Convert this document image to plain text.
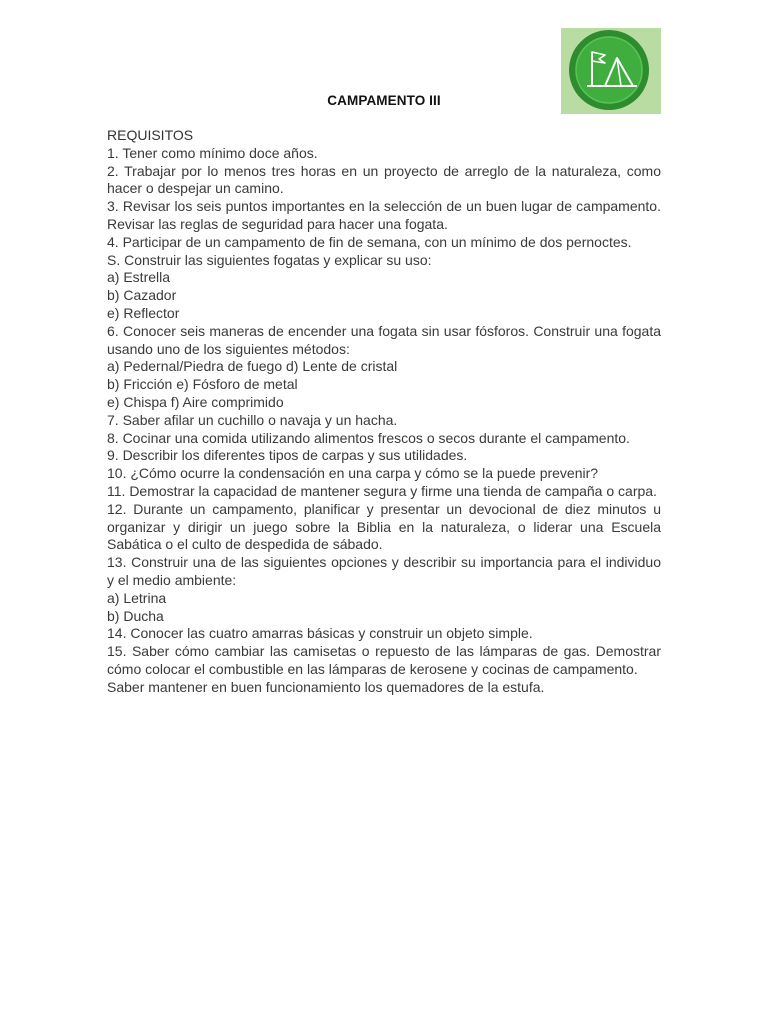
CAMPAMENTO III

REQUISITOS

1. Tener como mínimo doce años.

2. Trabajar por lo menos tres horas en un proyecto de arreglo de la naturaleza, como hacer o despejar un camino.

3. Revisar los seis puntos importantes en la selección de un buen lugar de campamento. Revisar las reglas de seguridad para hacer una fogata.

4. Participar de un campamento de fin de semana, con un mínimo de dos pernoctes.

S. Construir las siguientes fogatas y explicar su uso:

a) Estrella

b) Cazador

e) Reflector

6. Conocer seis maneras de encender una fogata sin usar fósforos. Construir una fogata usando uno de los siguientes métodos:

a) Pedernal/Piedra de fuego d) Lente de cristal

b) Fricción e) Fósforo de metal

e) Chispa f) Aire comprimido

7. Saber afilar un cuchillo o navaja y un hacha.

8. Cocinar una comida utilizando alimentos frescos o secos durante el campamento.

9. Describir los diferentes tipos de carpas y sus utilidades.

10. ¿Cómo ocurre la condensación en una carpa y cómo se la puede prevenir?

11. Demostrar la capacidad de mantener segura y firme una tienda de campaña o carpa.

12. Durante un campamento, planificar y presentar un devocional de diez minutos u organizar y dirigir un juego sobre la Biblia en la naturaleza, o liderar una Escuela Sabática o el culto de despedida de sábado.

13. Construir una de las siguientes opciones y describir su importancia para el individuo y el medio ambiente:

a) Letrina

b) Ducha

14. Conocer las cuatro amarras básicas y construir un objeto simple.

15. Saber cómo cambiar las camisetas o repuesto de las lámparas de gas. Demostrar cómo colocar el combustible en las lámparas de kerosene y cocinas de campamento.

Saber mantener en buen funcionamiento los quemadores de la estufa.
